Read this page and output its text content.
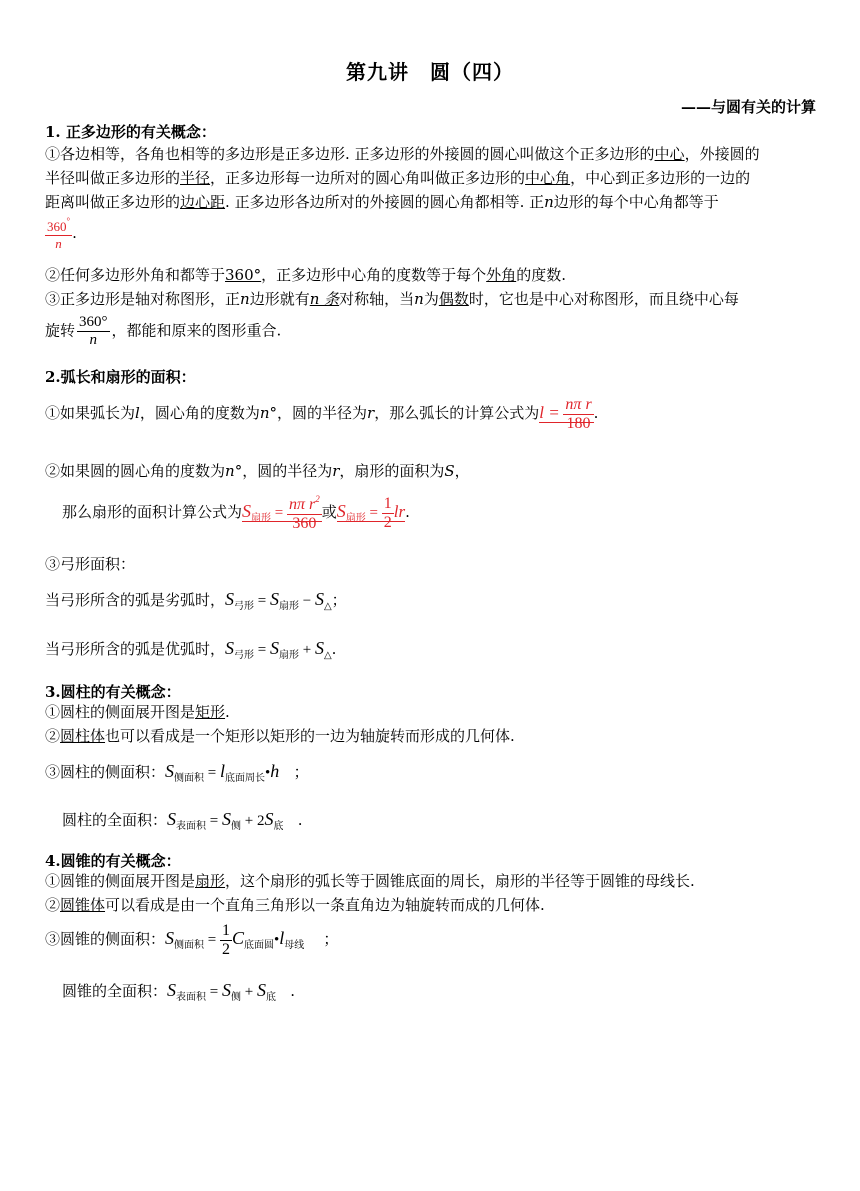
第九讲　圆（四）
——与圆有关的计算
1. 正多边形的有关概念：
①各边相等，各角也相等的多边形是正多边形. 正多边形的外接圆的圆心叫做这个正多边形的中心，外接圆的
半径叫做正多边形的半径，正多边形每一边所对的圆心角叫做正多边形的中心角，中心到正多边形的一边的
距离叫做正多边形的边心距. 正多边形各边所对的外接圆的圆心角都相等. 正n边形的每个中心角都等于
$\frac{360^\circ}{n}$ .
②任何多边形外角和都等于360°，正多边形中心角的度数等于每个外角的度数.
③正多边形是轴对称图形，正n边形就有n 条对称轴，当n为偶数时，它也是中心对称图形，而且绕中心每
旋转 $\frac{360^\circ}{n}$ ，都能和原来的图形重合.
2.弧长和扇形的面积：
①如果弧长为l，圆心角的度数为n°，圆的半径为r，那么弧长的计算公式为$l = \frac{\text{nπ r}}{180}$ .
②如果圆的圆心角的度数为n°，圆的半径为r，扇形的面积为S，
那么扇形的面积计算公式为$S_{扇形} = \frac{n\pi r^2}{360}$ 或$S_{扇形} = \frac{1}{2}$ lr.
③弓形面积：
当弓形所含的弧是劣弧时，$S_{弓形} = S_{扇形} - S_\triangle$；
当弓形所含的弧是优弧时，$S_{弓形} = S_{扇形} + S_\triangle$.
3.圆柱的有关概念：
①圆柱的侧面展开图是矩形.
②圆柱体也可以看成是一个矩形以矩形的一边为轴旋转而形成的几何体.
③圆柱的侧面积：$S_{侧面积}$ = $l_{底面周长}•h$ ；
圆柱的全面积：$S_{表面积} = S_侧 + 2S_底$ .
4.圆锥的有关概念：
①圆锥的侧面展开图是扇形，这个扇形的弧长等于圆锥底面的周长，扇形的半径等于圆锥的母线长.
②圆锥体可以看成是由一个直角三角形以一条直角边为轴旋转而成的几何体.
③圆锥的侧面积：$S_{侧面积} = \frac{1}{2}$ $C_{底面圆}•l_{母线}$ ；
圆锥的全面积：$S_{表面积} = S_侧 + S_底$ .
